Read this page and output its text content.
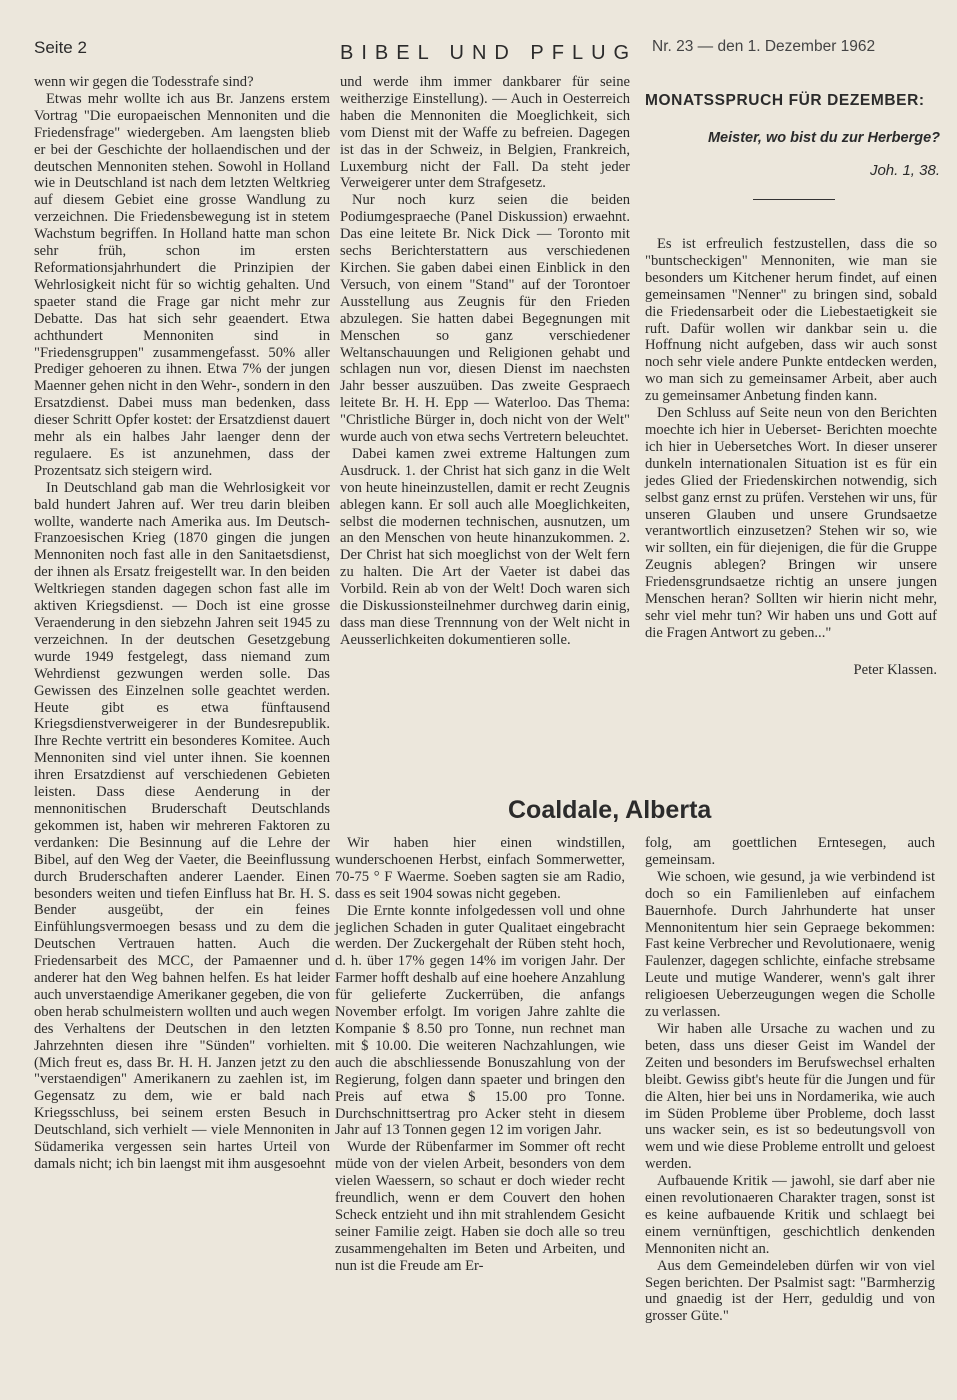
Seite 2	BIBEL UND PFLUG Nr. 23 — den 1. Dezember 1962

wenn wir gegen die Todesstrafe sind?

Etwas mehr wollte ich aus Br. Janzens erstem Vortrag "Die europaeischen Mennoniten und die Friedensfrage" wiedergeben. Am laengsten blieb er bei der Geschichte der hollaendischen und der deutschen Mennoniten stehen. Sowohl in Holland wie in Deutschland ist nach dem letzten Weltkrieg auf diesem Gebiet eine grosse Wandlung zu verzeichnen. Die Friedensbewegung ist in stetem Wachstum begriffen. In Holland hatte man schon sehr früh, schon im ersten Reformationsjahrhundert die Prinzipien der Wehrlosigkeit nicht für so wichtig gehalten. Und spaeter stand die Frage gar nicht mehr zur Debatte. Das hat sich sehr geaendert. Etwa achthundert Mennoniten sind in "Friedensgruppen" zusammengefasst. 50% aller Prediger gehoeren zu ihnen. Etwa 7% der jungen Maenner gehen nicht in den Wehr-, sondern in den Ersatzdienst. Dabei muss man bedenken, dass dieser Schritt Opfer kostet: der Ersatzdienst dauert mehr als ein halbes Jahr laenger denn der regulaere. Es ist anzunehmen, dass der Prozentsatz sich steigern wird.

In Deutschland gab man die Wehrlosigkeit vor bald hundert Jahren auf. Wer treu darin bleiben wollte, wanderte nach Amerika aus. Im Deutsch-Franzoesischen Krieg (1870 gingen die jungen Mennoniten noch fast alle in den Sanitaetsdienst, der ihnen als Ersatz freigestellt war. In den beiden Weltkriegen standen dagegen schon fast alle im aktiven Kriegsdienst. — Doch ist eine grosse Veraenderung in den siebzehn Jahren seit 1945 zu verzeichnen. In der deutschen Gesetzgebung wurde 1949 festgelegt, dass niemand zum Wehrdienst gezwungen werden solle. Das Gewissen des Einzelnen solle geachtet werden. Heute gibt es etwa fünftausend Kriegsdienstverweigerer in der Bundesrepublik. Ihre Rechte vertritt ein besonderes Komitee. Auch Mennoniten sind viel unter ihnen. Sie koennen ihren Ersatzdienst auf verschiedenen Gebieten leisten. Dass diese Aenderung in der mennonitischen Bruderschaft Deutschlands gekommen ist, haben wir mehreren Faktoren zu verdanken: Die Besinnung auf die Lehre der Bibel, auf den Weg der Vaeter, die Beeinflussung durch Bruderschaften anderer Laender. Einen besonders weiten und tiefen Einfluss hat Br. H. S. Bender ausgeübt, der ein feines Einfühlungsvermoegen besass und zu dem die Deutschen Vertrauen hatten. Auch die Friedensarbeit des MCC, der Pamaenner und anderer hat den Weg bahnen helfen. Es hat leider auch unverstaendige Amerikaner gegeben, die von oben herab schulmeistern wollten und auch wegen des Verhaltens der Deutschen in den letzten Jahrzehnten diesen ihre "Sünden" vorhielten. (Mich freut es, dass Br. H. H. Janzen jetzt zu den "verstaendigen" Amerikanern zu zaehlen ist, im Gegensatz zu dem, wie er bald nach Kriegsschluss, bei seinem ersten Besuch in Deutschland, sich verhielt — viele Mennoniten in Südamerika vergessen sein hartes Urteil von damals nicht; ich bin laengst mit ihm ausgesoehnt

und werde ihm immer dankbarer für seine weitherzige Einstellung). — Auch in Oesterreich haben die Mennoniten die Moeglichkeit, sich vom Dienst mit der Waffe zu befreien. Dagegen ist das in der Schweiz, in Belgien, Frankreich, Luxemburg nicht der Fall. Da steht jeder Verweigerer unter dem Strafgesetz.

Nur noch kurz seien die beiden Podiumgespraeche (Panel Diskussion) erwaehnt. Das eine leitete Br. Nick Dick — Toronto mit sechs Berichterstattern aus verschiedenen Kirchen. Sie gaben dabei einen Einblick in den Versuch, von einem "Stand" auf der Torontoer Ausstellung aus Zeugnis für den Frieden abzulegen. Sie hatten dabei Begegnungen mit Menschen so ganz verschiedener Weltanschauungen und Religionen gehabt und schlagen nun vor, diesen Dienst im naechsten Jahr besser auszuüben. Das zweite Gespraech leitete Br. H. H. Epp — Waterloo. Das Thema: "Christliche Bürger in, doch nicht von der Welt" wurde auch von etwa sechs Vertretern beleuchtet.

Dabei kamen zwei extreme Haltungen zum Ausdruck. 1. der Christ hat sich ganz in die Welt von heute hineinzustellen, damit er recht Zeugnis ablegen kann. Er soll auch alle Moeglichkeiten, selbst die modernen technischen, ausnutzen, um an den Menschen von heute hinanzukommen. 2. Der Christ hat sich moeglichst von der Welt fern zu halten. Die Art der Vaeter ist dabei das Vorbild. Rein ab von der Welt! Doch waren sich die Diskussionsteilnehmer durchweg darin einig, dass man diese Trennnung von der Welt nicht in Aeusserlichkeiten dokumentieren solle.

MONATSSPRUCH FÜR DEZEMBER:
Meister, wo bist du zur Herberge?
Joh. 1, 38.

Es ist erfreulich festzustellen, dass die so "buntscheckigen" Mennoniten, wie man sie besonders um Kitchener herum findet, auf einen gemeinsamen "Nenner" zu bringen sind, sobald die Friedensarbeit oder die Liebestaetigkeit sie ruft. Dafür wollen wir dankbar sein u. die Hoffnung nicht aufgeben, dass wir auch sonst noch sehr viele andere Punkte entdecken werden, wo man sich zu gemeinsamer Arbeit, aber auch zu gemeinsamer Anbetung finden kann.

Den Schluss auf Seite neun von den Berichten moechte ich hier in Ueberset- Berichten moechte ich hier in Uebersetches Wort. In dieser unserer dunkeln internationalen Situation ist es für ein jedes Glied der Friedenskirchen notwendig, sich selbst ganz ernst zu prüfen. Verstehen wir uns, für unseren Glauben und unsere Grundsaetze verantwortlich einzusetzen? Stehen wir so, wie wir sollten, ein für diejenigen, die für die Gruppe Zeugnis ablegen? Bringen wir unsere Friedensgrundsaetze richtig an unsere jungen Menschen heran? Sollten wir hierin nicht mehr, sehr viel mehr tun? Wir haben uns und Gott auf die Fragen Antwort zu geben..."

Peter Klassen.
Coaldale, Alberta

Wir haben hier einen windstillen, wunderschoenen Herbst, einfach Sommerwetter, 70-75 ° F Waerme. Soeben sagten sie am Radio, dass es seit 1904 sowas nicht gegeben.

Die Ernte konnte infolgedessen voll und ohne jeglichen Schaden in guter Qualitaet eingebracht werden. Der Zuckergehalt der Rüben steht hoch, d. h. über 17% gegen 14% im vorigen Jahr. Der Farmer hofft deshalb auf eine hoehere Anzahlung für gelieferte Zuckerrüben, die anfangs November erfolgt. Im vorigen Jahre zahlte die Kompanie $ 8.50 pro Tonne, nun rechnet man mit $ 10.00. Die weiteren Nachzahlungen, wie auch die abschliessende Bonuszahlung von der Regierung, folgen dann spaeter und bringen den Preis auf etwa $ 15.00 pro Tonne. Durchschnittsertrag pro Acker steht in diesem Jahr auf 13 Tonnen gegen 12 im vorigen Jahr.

Wurde der Rübenfarmer im Sommer oft recht müde von der vielen Arbeit, besonders von dem vielen Waessern, so schaut er doch wieder recht freundlich, wenn er dem Couvert den hohen Scheck entzieht und ihn mit strahlendem Gesicht seiner Familie zeigt. Haben sie doch alle so treu zusammengehalten im Beten und Arbeiten, und nun ist die Freude am Er-

folg, am goettlichen Erntesegen, auch gemeinsam.

Wie schoen, wie gesund, ja wie verbindend ist doch so ein Familienleben auf einfachem Bauernhofe. Durch Jahrhunderte hat unser Mennonitentum hier sein Gepraege bekommen: Fast keine Verbrecher und Revolutionaere, wenig Faulenzer, dagegen schlichte, einfache strebsame Leute und mutige Wanderer, wenn's galt ihrer religioesen Ueberzeugungen wegen die Scholle zu verlassen.

Wir haben alle Ursache zu wachen und zu beten, dass uns dieser Geist im Wandel der Zeiten und besonders im Berufswechsel erhalten bleibt. Gewiss gibt's heute für die Jungen und für die Alten, hier bei uns in Nordamerika, wie auch im Süden Probleme über Probleme, doch lasst uns wacker sein, es ist so bedeutungsvoll von wem und wie diese Probleme entrollt und geloest werden.

Aufbauende Kritik — jawohl, sie darf aber nie einen revolutionaeren Charakter tragen, sonst ist es keine aufbauende Kritik und schlaegt bei einem vernünftigen, geschichtlich denkenden Mennoniten nicht an.

Aus dem Gemeindeleben dürfen wir von viel Segen berichten. Der Psalmist sagt: "Barmherzig und gnaedig ist der Herr, geduldig und von grosser Güte."
